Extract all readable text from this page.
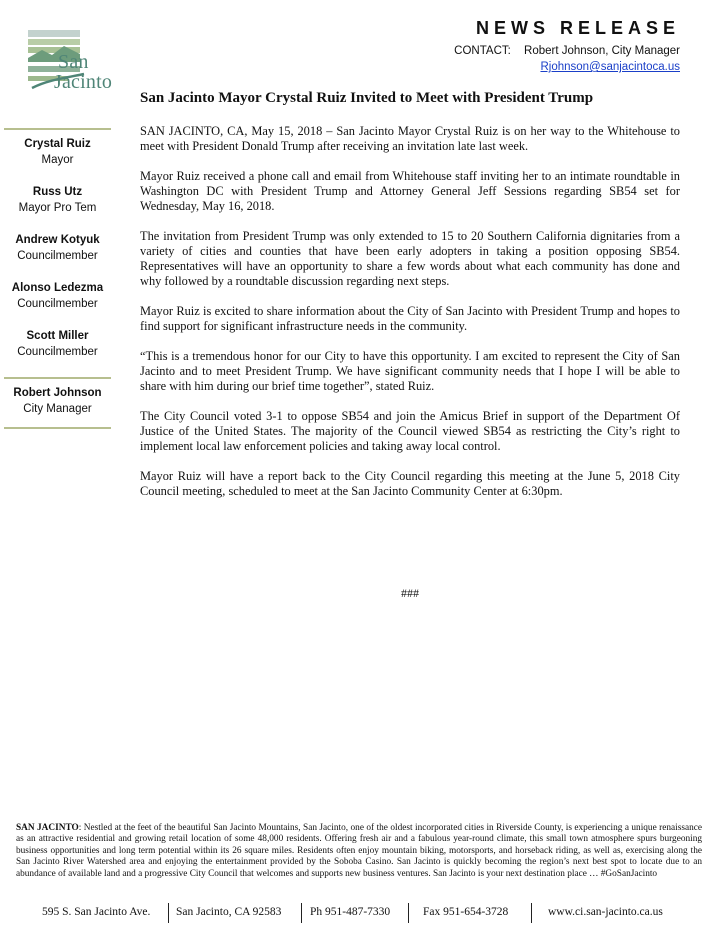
San
Jacinto
NEWS RELEASE
CONTACT: Robert Johnson, City Manager
Rjohnson@sanjacintoca.us
San Jacinto Mayor Crystal Ruiz Invited to Meet with President Trump
Crystal Ruiz
Mayor
Russ Utz
Mayor Pro Tem
Andrew Kotyuk
Councilmember
Alonso Ledezma
Councilmember
Scott Miller
Councilmember
Robert Johnson
City Manager

SAN JACINTO, CA, May 15, 2018 – San Jacinto Mayor Crystal Ruiz is on her way to the Whitehouse to meet with President Donald Trump after receiving an invitation late last week.

Mayor Ruiz received a phone call and email from Whitehouse staff inviting her to an intimate roundtable in Washington DC with President Trump and Attorney General Jeff Sessions regarding SB54 set for Wednesday, May 16, 2018.

The invitation from President Trump was only extended to 15 to 20 Southern California dignitaries from a variety of cities and counties that have been early adopters in taking a position opposing SB54. Representatives will have an opportunity to share a few words about what each community has done and why followed by a roundtable discussion regarding next steps.

Mayor Ruiz is excited to share information about the City of San Jacinto with President Trump and hopes to find support for significant infrastructure needs in the community.

“This is a tremendous honor for our City to have this opportunity. I am excited to represent the City of San Jacinto and to meet President Trump. We have significant community needs that I hope I will be able to share with him during our brief time together”, stated Ruiz.

The City Council voted 3-1 to oppose SB54 and join the Amicus Brief in support of the Department Of Justice of the United States. The majority of the Council viewed SB54 as restricting the City’s right to implement local law enforcement policies and taking away local control.

Mayor Ruiz will have a report back to the City Council regarding this meeting at the June 5, 2018 City Council meeting, scheduled to meet at the San Jacinto Community Center at 6:30pm.

###
SAN JACINTO: Nestled at the feet of the beautiful San Jacinto Mountains, San Jacinto, one of the oldest incorporated cities in Riverside County, is experiencing a unique renaissance as an attractive residential and growing retail location of some 48,000 residents. Offering fresh air and a fabulous year-round climate, this small town atmosphere spurs burgeoning business opportunities and long term potential within its 26 square miles. Residents often enjoy mountain biking, motorsports, and horseback riding, as well as, exercising along the San Jacinto River Watershed area and enjoying the entertainment provided by the Soboba Casino. San Jacinto is quickly becoming the region’s next best spot to locate due to an abundance of available land and a progressive City Council that welcomes and supports new business ventures. San Jacinto is your next destination place … #GoSanJacinto
595 S. San Jacinto Ave. San Jacinto, CA 92583 Ph 951-487-7330	Fax 951-654-3728	www.ci.san-jacinto.ca.us
